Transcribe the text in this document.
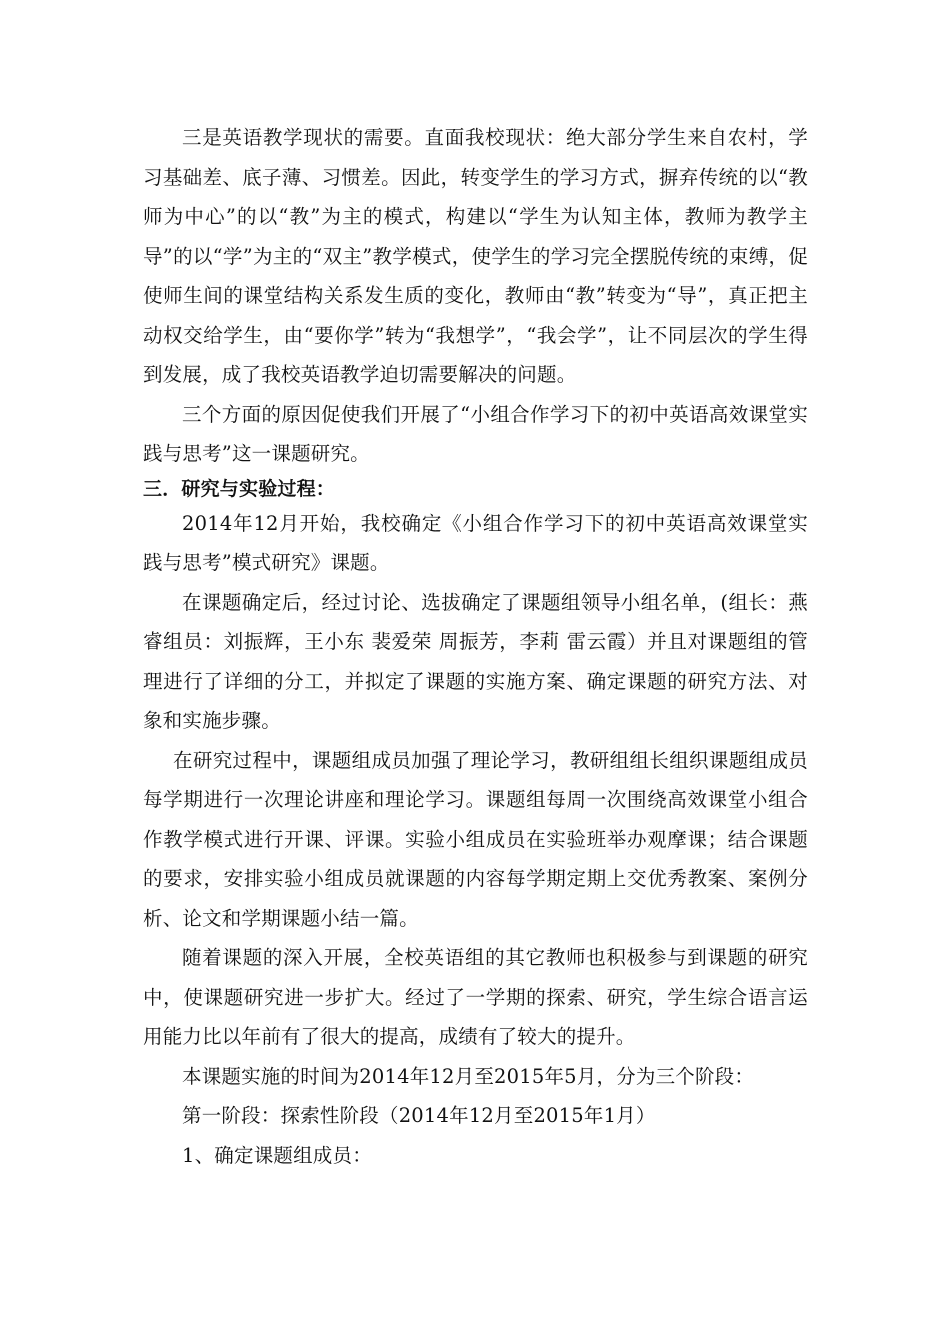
三是英语教学现状的需要。直面我校现状：绝大部分学生来自农村，学习基础差、底子薄、习惯差。因此，转变学生的学习方式，摒弃传统的以“教师为中心”的以“教”为主的模式，构建以“学生为认知主体，教师为教学主导”的以“学”为主的“双主”教学模式，使学生的学习完全摆脱传统的束缚，促使师生间的课堂结构关系发生质的变化，教师由“教”转变为“导”，真正把主动权交给学生，由“要你学”转为“我想学”，“我会学”，让不同层次的学生得到发展，成了我校英语教学迫切需要解决的问题。

三个方面的原因促使我们开展了“小组合作学习下的初中英语高效课堂实践与思考”这一课题研究。

三．研究与实验过程：

2014年12月开始，我校确定《小组合作学习下的初中英语高效课堂实践与思考”模式研究》课题。

在课题确定后，经过讨论、选拔确定了课题组领导小组名单，(组长：燕睿组员：刘振辉，王小东 裴爱荣 周振芳，李莉 雷云霞）并且对课题组的管理进行了详细的分工，并拟定了课题的实施方案、确定课题的研究方法、对象和实施步骤。

在研究过程中，课题组成员加强了理论学习，教研组组长组织课题组成员每学期进行一次理论讲座和理论学习。课题组每周一次围绕高效课堂小组合作教学模式进行开课、评课。实验小组成员在实验班举办观摩课；结合课题的要求，安排实验小组成员就课题的内容每学期定期上交优秀教案、案例分析、论文和学期课题小结一篇。

随着课题的深入开展，全校英语组的其它教师也积极参与到课题的研究中，使课题研究进一步扩大。经过了一学期的探索、研究，学生综合语言运用能力比以年前有了很大的提高，成绩有了较大的提升。

本课题实施的时间为2014年12月至2015年5月，分为三个阶段：

第一阶段：探索性阶段（2014年12月至2015年1月）

1、确定课题组成员：
